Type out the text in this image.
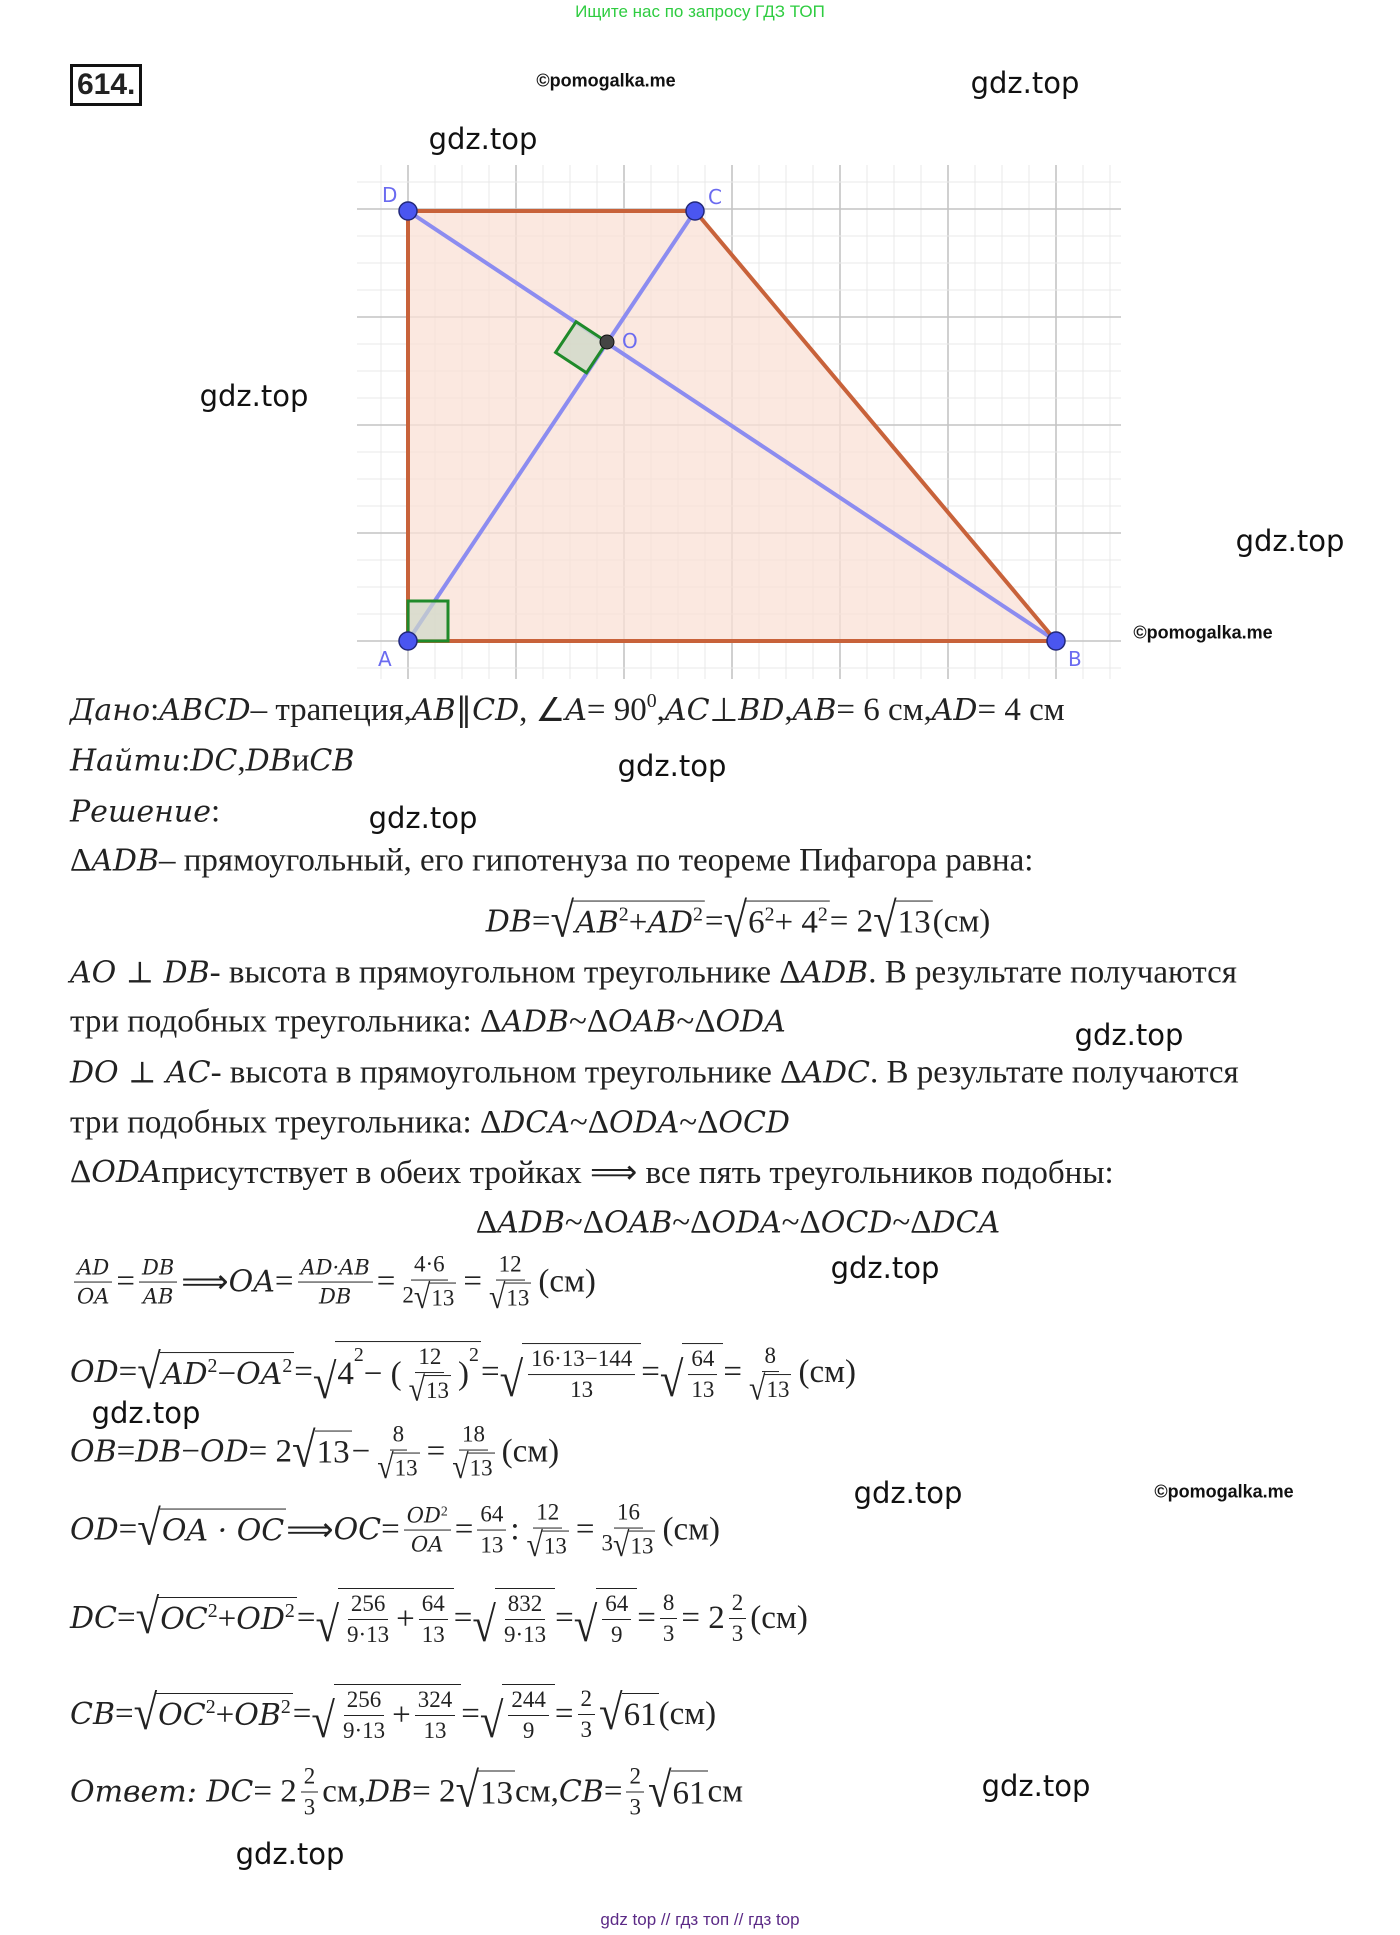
Ищите нас по запросу ГДЗ ТОП
614.
A	B
C
D
O
Дано : ABCD – трапеция, AB ∥ CD , ∠ $A = 90^0$ , AC ⊥ BD , AB = 6 см, AD = 4 см
Найти : DC , DB и CB
Решение :
Δ ADB – прямоугольный, его гипотенуза по теореме Пифагора равна:
DB = √ $AB^2 + AD^2$ = √ $6^2 + 4^2 = 2$ √ 13 (см)
AO ⊥ DB - высота в прямоугольном треугольнике Δ ADB . В результате получаются
три подобных треугольника: Δ ADB ~Δ OAB ~Δ ODA
DO ⊥ AC - высота в прямоугольном треугольнике Δ ADC . В результате получаются
три подобных треугольника: Δ DCA ~Δ ODA ~Δ OCD
Δ ODA присутствует в обеих тройках ⟹ все пять треугольников подобны:
Δ ADB ~Δ OAB ~Δ ODA ~Δ OCD ~Δ DCA
$\frac{AD}{OA} = \frac{DB}{AB}$ ⟹ OA = $\frac{AD\cdot AB}{DB} = \frac{4\cdot 6}{2 √ 13} = \frac{12}{√ 13} (см)$
OD = √ $AD^2 - OA^2$ = √ 4
$^2$
− ( $\frac{12}{√ 13}$ )
$^2$ = √ $\frac{16\cdot 13-144}{13}$ = √ $\frac{64}{13} = \frac{8}{√ 13} (см)$
OB = DB − OD = 2 √ $13 - \frac{8}{√ 13} = \frac{18}{√ 13} (см)$
OD = √ OA · OC ⟹ OC = $\frac{OD 2}{OA} = \frac{64}{13}$ : $\frac{12}{√ 13} = \frac{16}{3 √ 13} (см)$
DC = √ $OC^2 + OD^2$ = √ $\frac{256}{9\cdot 13} + \frac{64}{13}$ = √ $\frac{832}{9\cdot 13}$ = √ $\frac{64}{9} = \frac{8}{3} = 2 \frac{2}{3} (см)$
CB = √ $OC^2 + OB^2$ = √ $\frac{256}{9\cdot 13} + \frac{324}{13}$ = √ $\frac{244}{9} = \frac{2}{3}$ √ 61 (см)
Ответ: DC = $2 \frac{2}{3}$ см, DB = 2 √ 13 см, CB = $\frac{2}{3}$ √ 61 см
gdz.top
gdz.top
gdz.top
gdz.top
gdz.top
gdz.top
gdz.top
gdz.top
gdz.top
gdz.top
gdz.top
gdz.top
©pomogalka.me
©pomogalka.me
©pomogalka.me
gdz top // гдз топ // гдз top
